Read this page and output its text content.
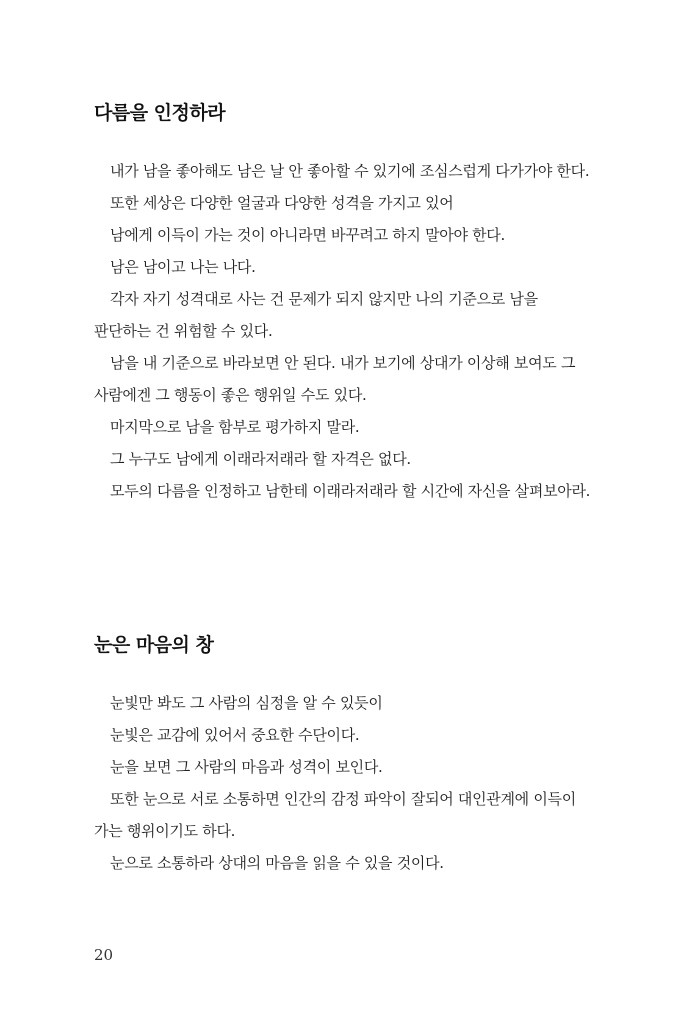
다름을 인정하라

내가 남을 좋아해도 남은 날 안 좋아할 수 있기에 조심스럽게 다가가야 한다.

또한 세상은 다양한 얼굴과 다양한 성격을 가지고 있어

남에게 이득이 가는 것이 아니라면 바꾸려고 하지 말아야 한다.

남은 남이고 나는 나다.

각자 자기 성격대로 사는 건 문제가 되지 않지만 나의 기준으로 남을 판단하는 건 위험할 수 있다.

남을 내 기준으로 바라보면 안 된다. 내가 보기에 상대가 이상해 보여도 그 사람에겐 그 행동이 좋은 행위일 수도 있다.

마지막으로 남을 함부로 평가하지 말라.

그 누구도 남에게 이래라저래라 할 자격은 없다.

모두의 다름을 인정하고 남한테 이래라저래라 할 시간에 자신을 살펴보아라.

눈은 마음의 창

눈빛만 봐도 그 사람의 심정을 알 수 있듯이

눈빛은 교감에 있어서 중요한 수단이다.

눈을 보면 그 사람의 마음과 성격이 보인다.

또한 눈으로 서로 소통하면 인간의 감정 파악이 잘되어 대인관계에 이득이 가는 행위이기도 하다.

눈으로 소통하라 상대의 마음을 읽을 수 있을 것이다.

20
